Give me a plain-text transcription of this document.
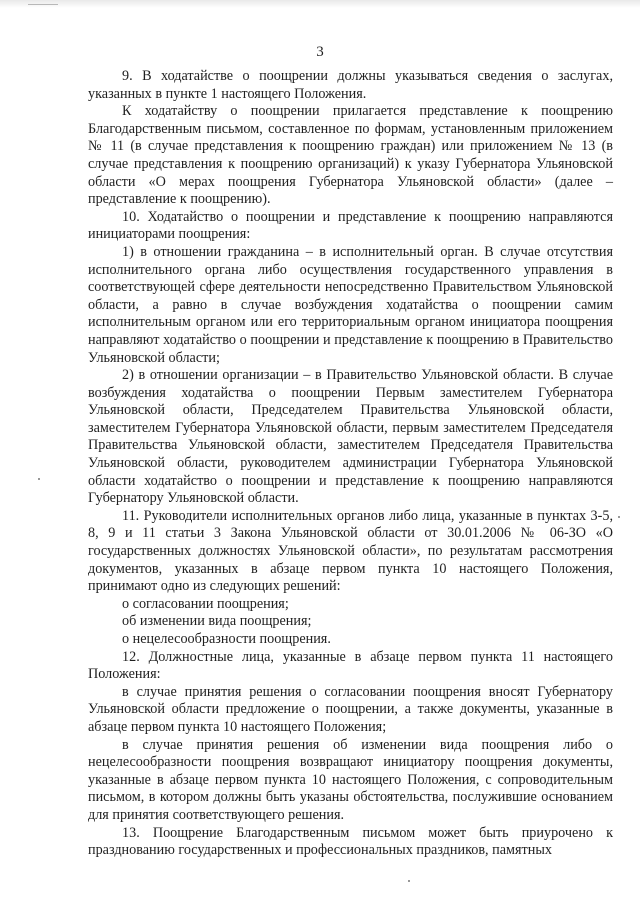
3

9. В ходатайстве о поощрении должны указываться сведения о заслугах, указанных в пункте 1 настоящего Положения.

К ходатайству о поощрении прилагается представление к поощрению Благодарственным письмом, составленное по формам, установленным приложением № 11 (в случае представления к поощрению граждан) или приложением № 13 (в случае представления к поощрению организаций) к указу Губернатора Ульяновской области «О мерах поощрения Губернатора Ульяновской области» (далее – представление к поощрению).

10. Ходатайство о поощрении и представление к поощрению направляются инициаторами поощрения:

1) в отношении гражданина – в исполнительный орган. В случае отсутствия исполнительного органа либо осуществления государственного управления в соответствующей сфере деятельности непосредственно Правительством Ульяновской области, а равно в случае возбуждения ходатайства о поощрении самим исполнительным органом или его территориальным органом инициатора поощрения направляют ходатайство о поощрении и представление к поощрению в Правительство Ульяновской области;

2) в отношении организации – в Правительство Ульяновской области. В случае возбуждения ходатайства о поощрении Первым заместителем Губернатора Ульяновской области, Председателем Правительства Ульяновской области, заместителем Губернатора Ульяновской области, первым заместителем Председателя Правительства Ульяновской области, заместителем Председателя Правительства Ульяновской области, руководителем администрации Губернатора Ульяновской области ходатайство о поощрении и представление к поощрению направляются Губернатору Ульяновской области.

11. Руководители исполнительных органов либо лица, указанные в пунктах 3-5, 8, 9 и 11 статьи 3 Закона Ульяновской области от 30.01.2006 № 06-ЗО «О государственных должностях Ульяновской области», по результатам рассмотрения документов, указанных в абзаце первом пункта 10 настоящего Положения, принимают одно из следующих решений:

о согласовании поощрения;

об изменении вида поощрения;

о нецелесообразности поощрения.

12. Должностные лица, указанные в абзаце первом пункта 11 настоящего Положения:

в случае принятия решения о согласовании поощрения вносят Губернатору Ульяновской области предложение о поощрении, а также документы, указанные в абзаце первом пункта 10 настоящего Положения;

в случае принятия решения об изменении вида поощрения либо о нецелесообразности поощрения возвращают инициатору поощрения документы, указанные в абзаце первом пункта 10 настоящего Положения, с сопроводительным письмом, в котором должны быть указаны обстоятельства, послужившие основанием для принятия соответствующего решения.

13. Поощрение Благодарственным письмом может быть приурочено к празднованию государственных и профессиональных праздников, памятных
